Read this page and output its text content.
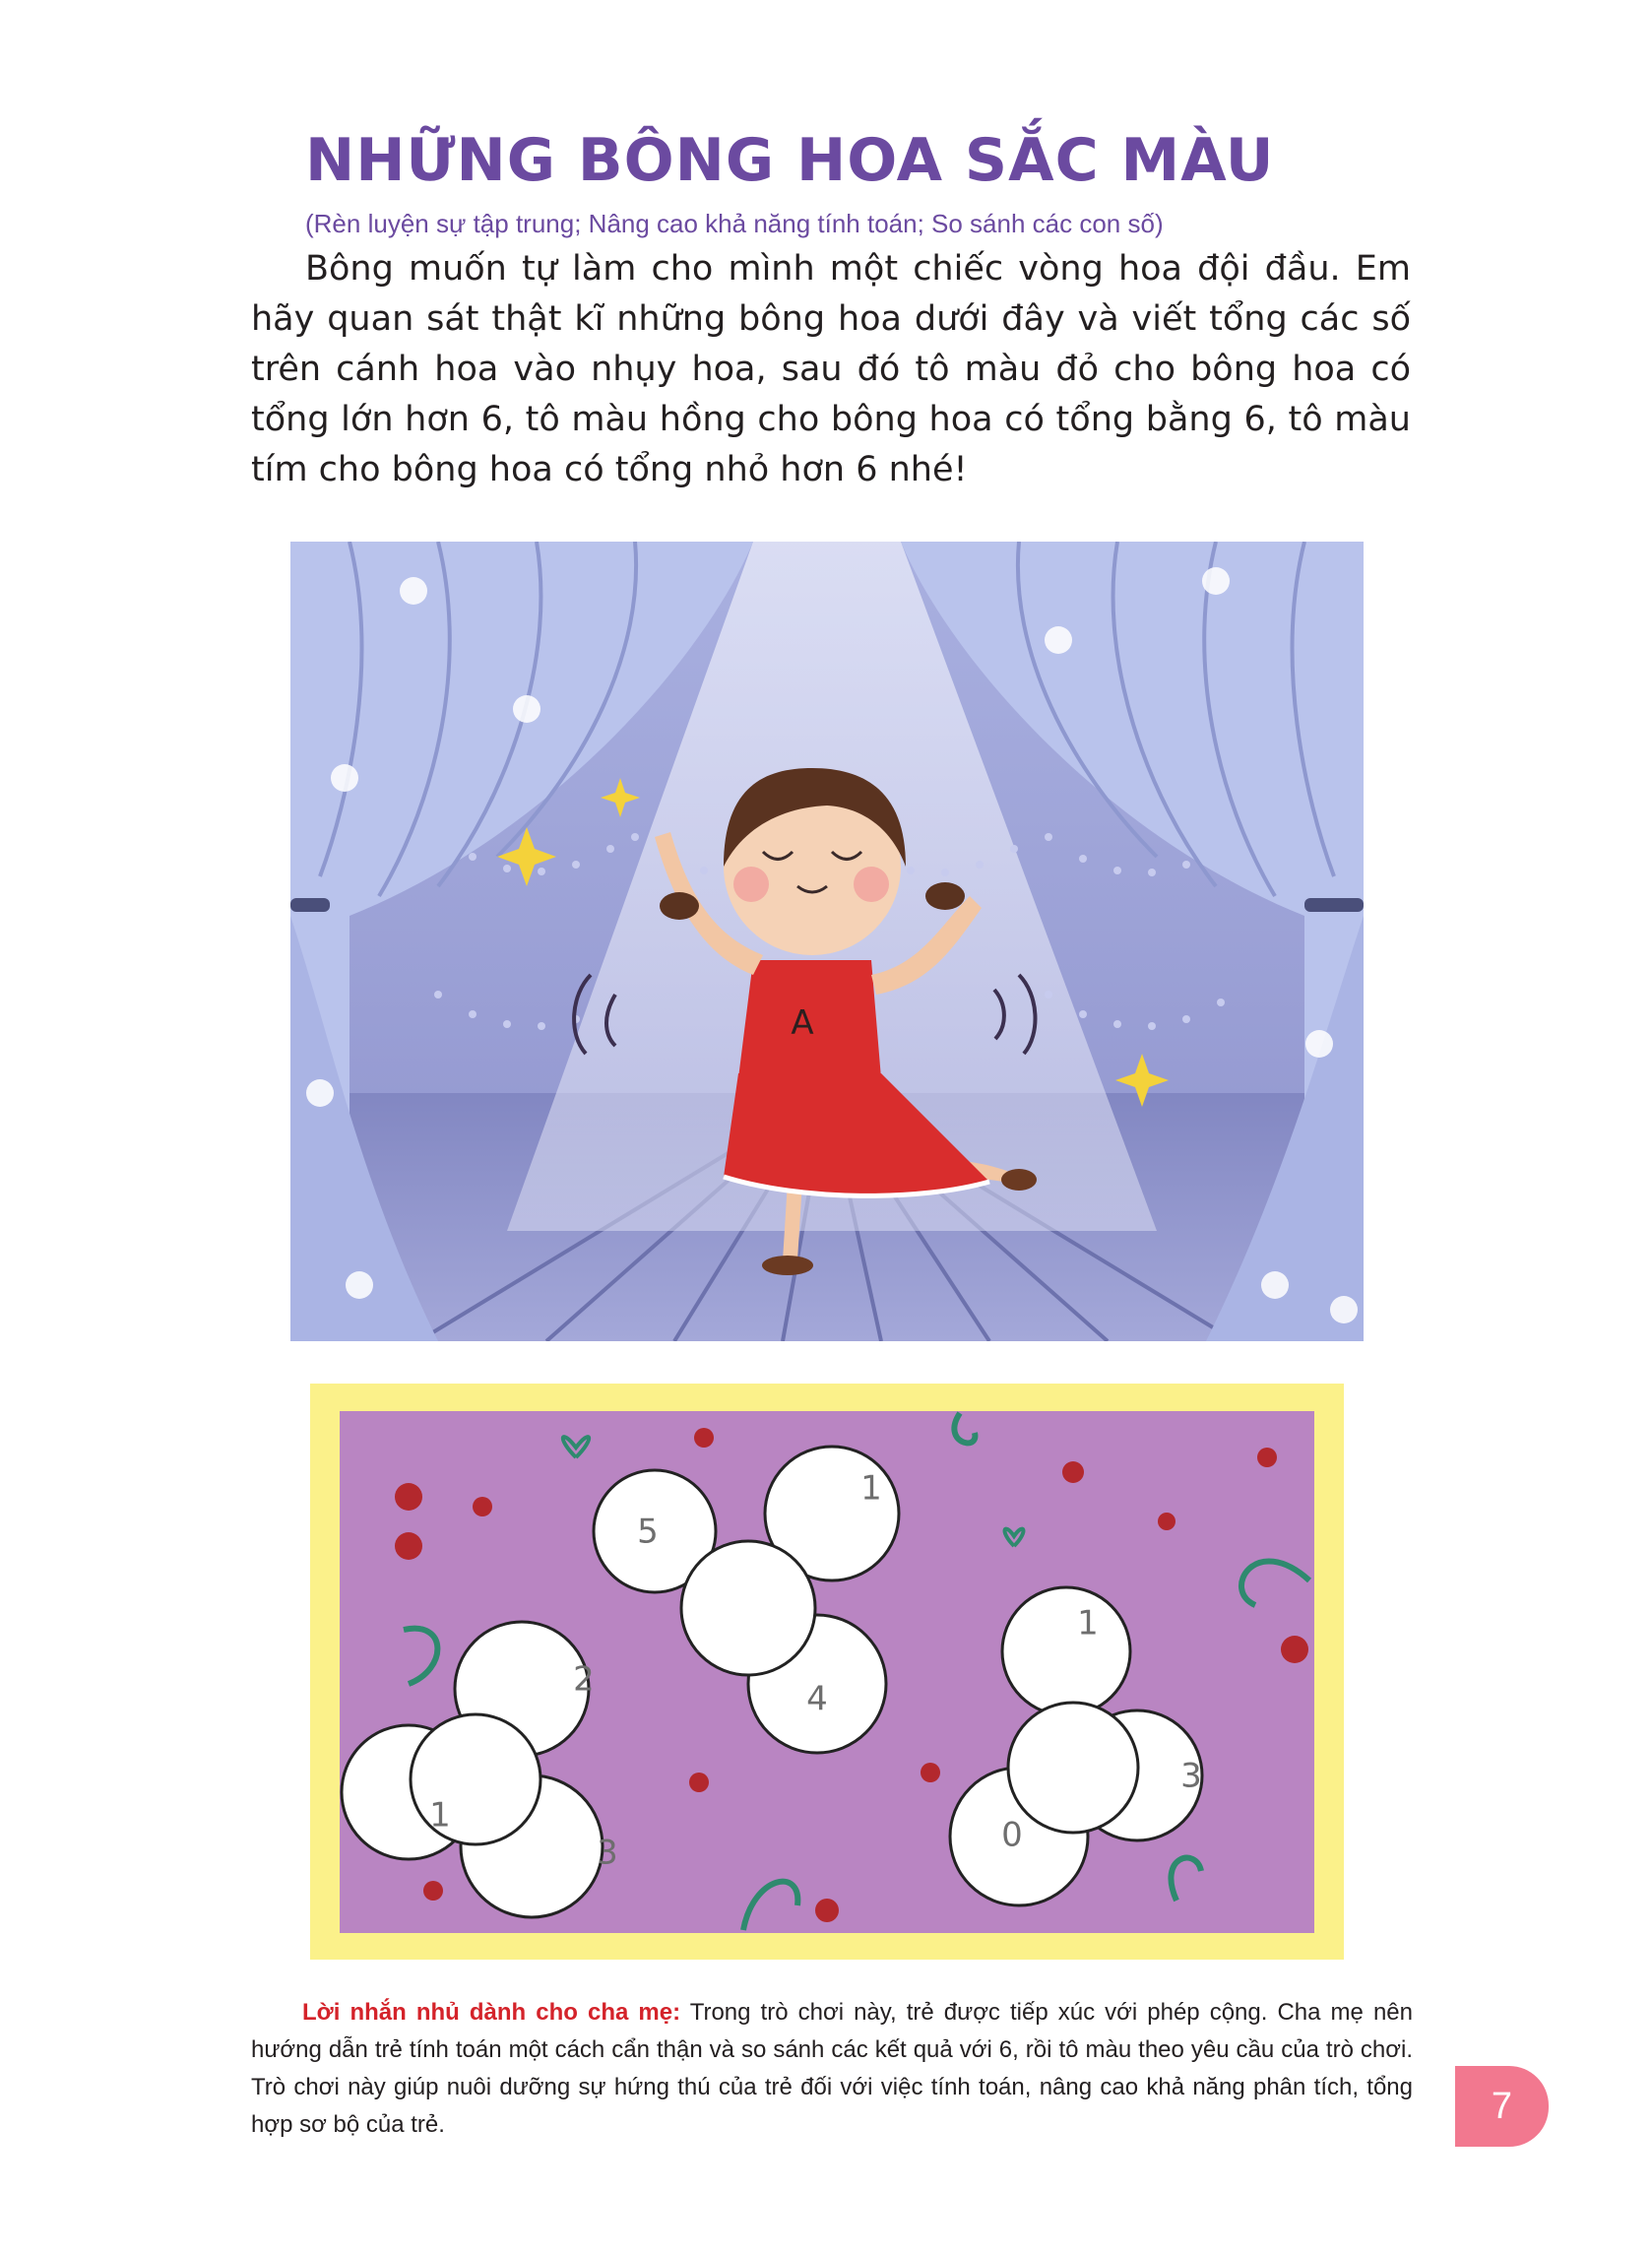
NHỮNG BÔNG HOA SẮC MÀU

(Rèn luyện sự tập trung; Nâng cao khả năng tính toán; So sánh các con số)

Bông muốn tự làm cho mình một chiếc vòng hoa đội đầu. Em hãy quan sát thật kĩ những bông hoa dưới đây và viết tổng các số trên cánh hoa vào nhụy hoa, sau đó tô màu đỏ cho bông hoa có tổng lớn hơn 6, tô màu hồng cho bông hoa có tổng bằng 6, tô màu tím cho bông hoa có tổng nhỏ hơn 6 nhé!

A
5
1
4
2
1
3
1
3
0

Lời nhắn nhủ dành cho cha mẹ: Trong trò chơi này, trẻ được tiếp xúc với phép cộng. Cha mẹ nên hướng dẫn trẻ tính toán một cách cẩn thận và so sánh các kết quả với 6, rồi tô màu theo yêu cầu của trò chơi. Trò chơi này giúp nuôi dưỡng sự hứng thú của trẻ đối với việc tính toán, nâng cao khả năng phân tích, tổng hợp sơ bộ của trẻ.	7
